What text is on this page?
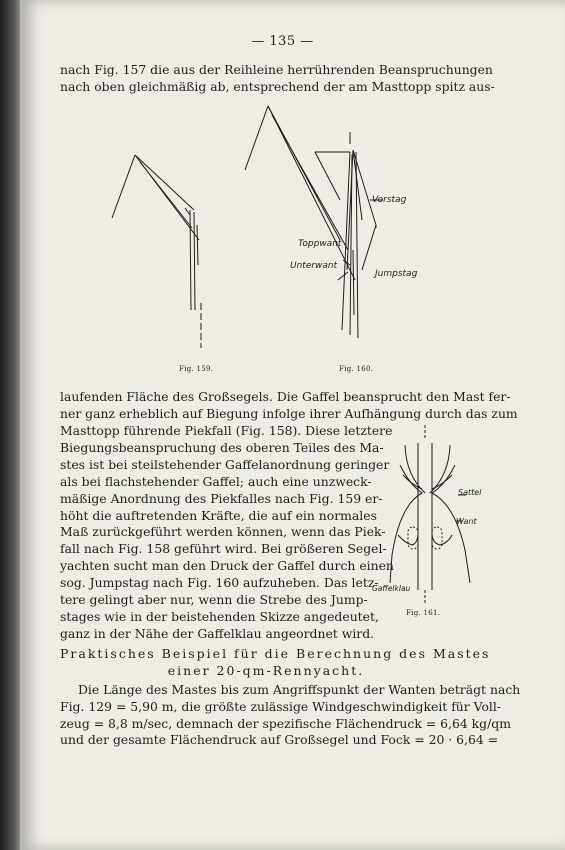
— 135 —
nach Fig. 157 die aus der Reihleine herrührenden Beanspruchungen
nach oben gleichmäßig ab, entsprechend der am Masttopp spitz aus-
Vorstag
Toppwant
Unterwant
Jumpstag
Fig. 159.	Fig. 160.
laufenden Fläche des Großsegels. Die Gaffel beansprucht den Mast fer-
ner ganz erheblich auf Biegung infolge ihrer Aufhängung durch das zum
Masttopp führende Piekfall (Fig. 158). Diese letztere
Biegungsbeanspruchung des oberen Teiles des Ma-
stes ist bei steilstehender Gaffelanordnung geringer
als bei flachstehender Gaffel; auch eine unzweck-
mäßige Anordnung des Piekfalles nach Fig. 159 er-
höht die auftretenden Kräfte, die auf ein normales
Maß zurückgeführt werden können, wenn das Piek-
fall nach Fig. 158 geführt wird. Bei größeren Segel-
yachten sucht man den Druck der Gaffel durch einen
sog. Jumpstag nach Fig. 160 aufzuheben. Das letz-
tere gelingt aber nur, wenn die Strebe des Jump-
stages wie in der beistehenden Skizze angedeutet,
ganz in der Nähe der Gaffelklau angeordnet wird.
Sattel
Want
Gaffelklau
Fig. 161.
Praktisches Beispiel für die Berechnung des Mastes
einer 20-qm-Rennyacht.
Die Länge des Mastes bis zum Angriffspunkt der Wanten beträgt nach
Fig. 129 = 5,90 m, die größte zulässige Windgeschwindigkeit für Voll-
zeug = 8,8 m/sec, demnach der spezifische Flächendruck = 6,64 kg/qm
und der gesamte Flächendruck auf Großsegel und Fock = 20 · 6,64 =
